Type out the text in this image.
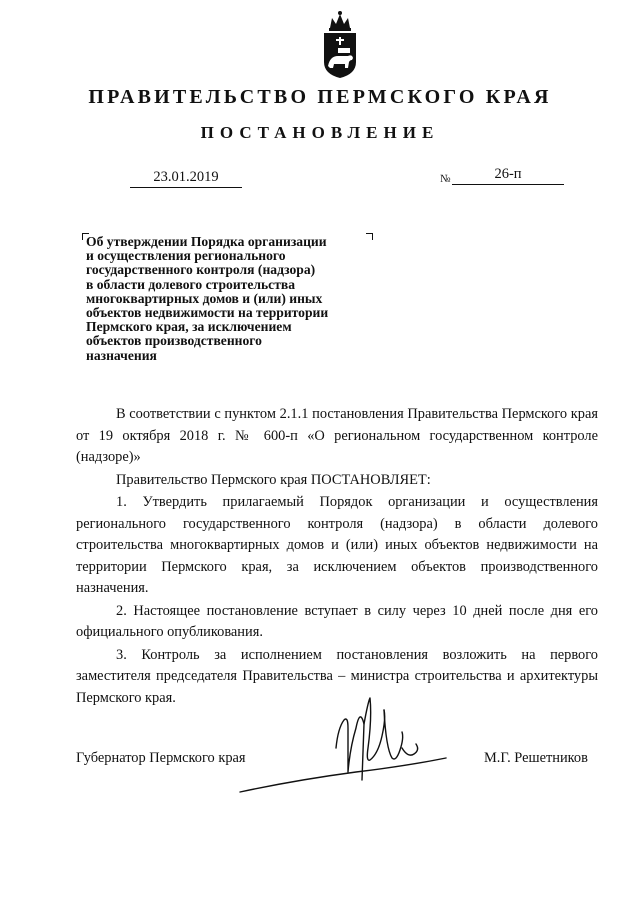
ПРАВИТЕЛЬСТВО ПЕРМСКОГО КРАЯ
ПОСТАНОВЛЕНИЕ
23.01.2019	№	26-п
Об утверждении Порядка организации
и осуществления регионального
государственного контроля (надзора)
в области долевого строительства
многоквартирных домов и (или) иных
объектов недвижимости на территории
Пермского края, за исключением
объектов производственного
назначения

В соответствии с пунктом 2.1.1 постановления Правительства Пермского края от 19 октября 2018 г. № 600-п «О региональном государственном контроле (надзоре)»

Правительство Пермского края ПОСТАНОВЛЯЕТ:

1. Утвердить прилагаемый Порядок организации и осуществления регионального государственного контроля (надзора) в области долевого строительства многоквартирных домов и (или) иных объектов недвижимости на территории Пермского края, за исключением объектов производственного назначения.

2. Настоящее постановление вступает в силу через 10 дней после дня его официального опубликования.

3. Контроль за исполнением постановления возложить на первого заместителя председателя Правительства – министра строительства и архитектуры Пермского края.

Губернатор Пермского края	М.Г. Решетников
